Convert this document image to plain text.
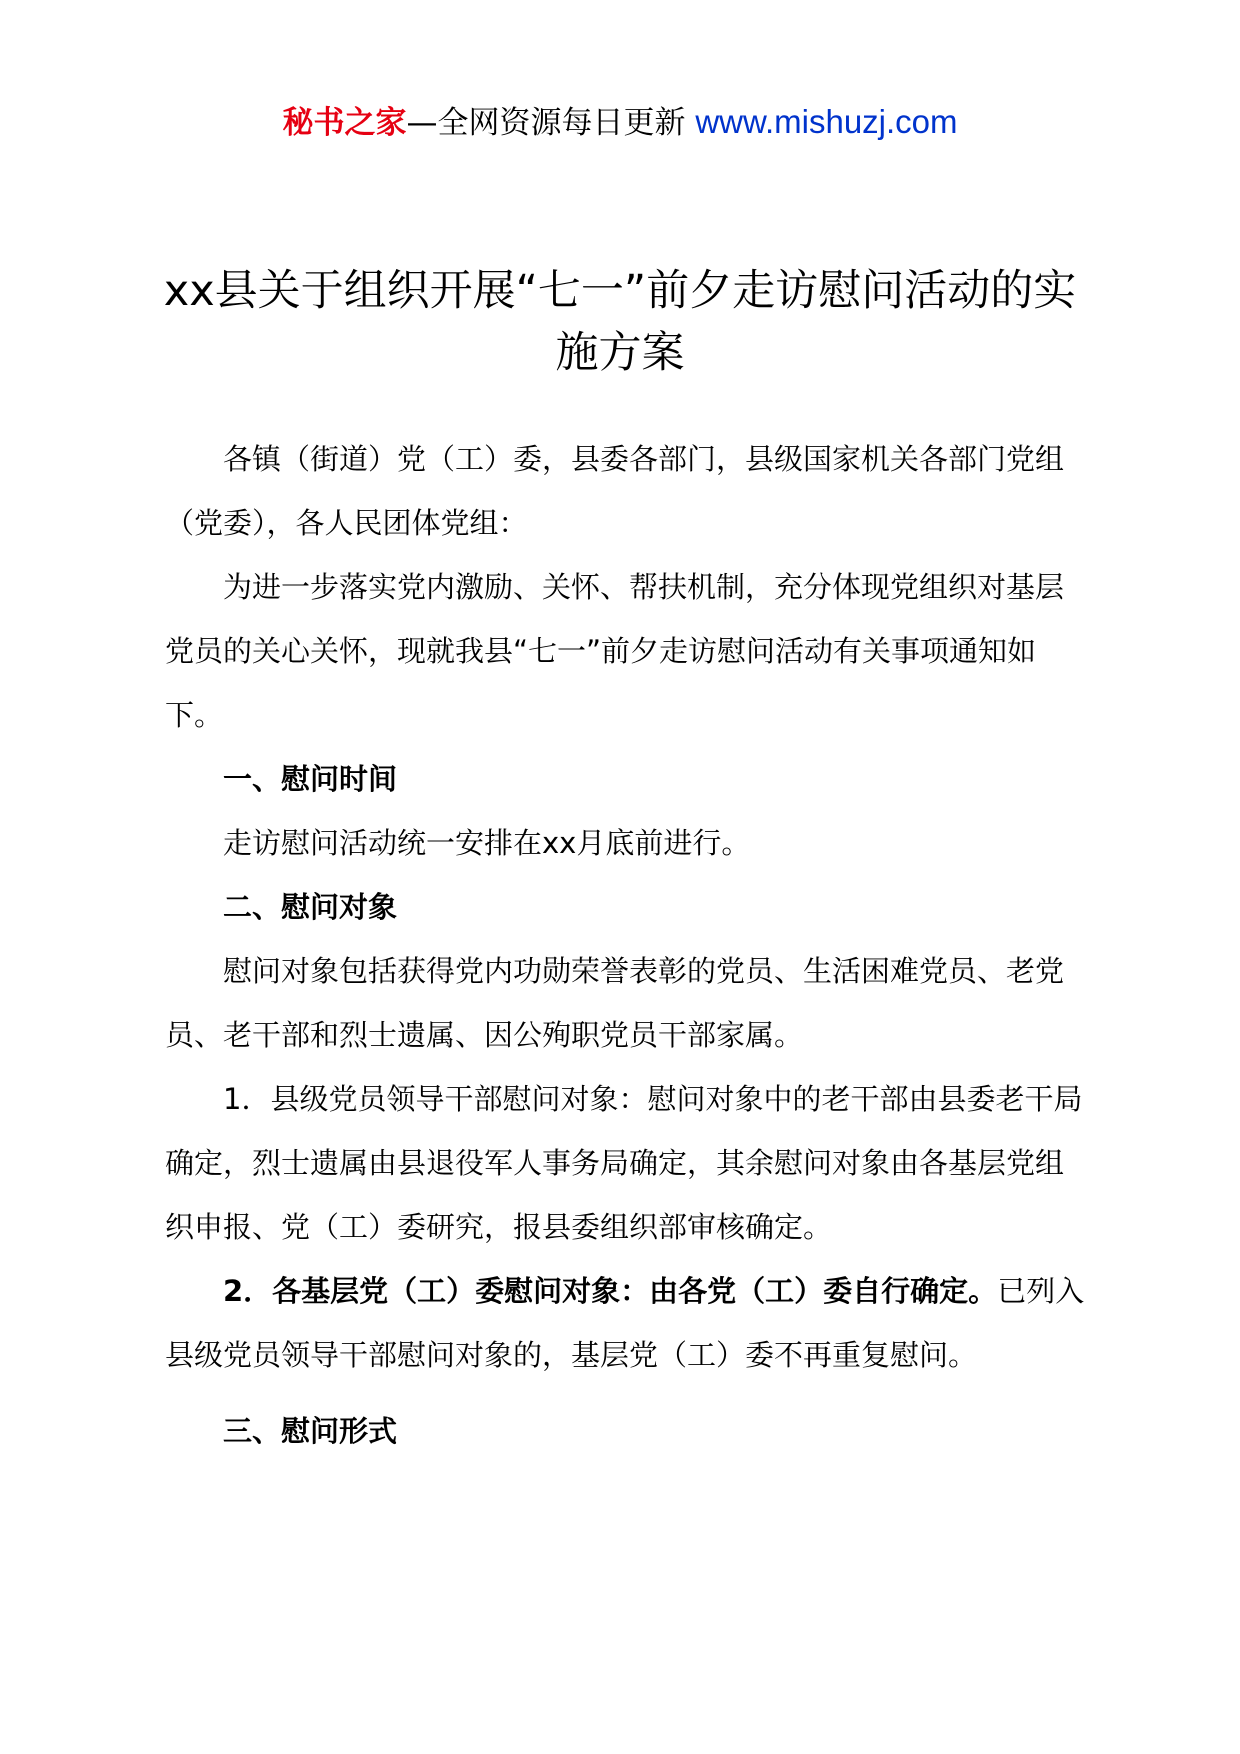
秘书之家—全网资源每日更新 www.mishuzj.com
xx县关于组织开展“七一”前夕走访慰问活动的实施方案

各镇（街道）党（工）委，县委各部门，县级国家机关各部门党组（党委），各人民团体党组：

为进一步落实党内激励、关怀、帮扶机制，充分体现党组织对基层党员的关心关怀，现就我县“七一”前夕走访慰问活动有关事项通知如下。

一、慰问时间

走访慰问活动统一安排在xx月底前进行。

二、慰问对象

慰问对象包括获得党内功勋荣誉表彰的党员、生活困难党员、老党员、老干部和烈士遗属、因公殉职党员干部家属。

1．县级党员领导干部慰问对象：慰问对象中的老干部由县委老干局确定，烈士遗属由县退役军人事务局确定，其余慰问对象由各基层党组织申报、党（工）委研究，报县委组织部审核确定。

2．各基层党（工）委慰问对象：由各党（工）委自行确定。已列入县级党员领导干部慰问对象的，基层党（工）委不再重复慰问。

三、慰问形式
